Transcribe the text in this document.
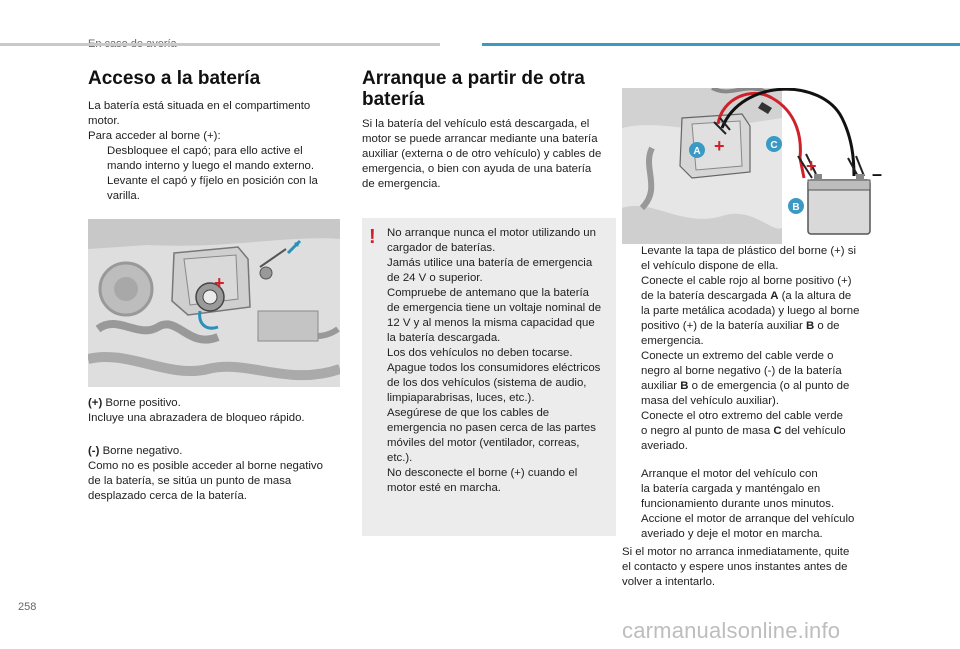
Acceso a la batería
La batería está situada en el compartimento
motor.
Para acceder al borne (+):
Desbloquee el capó; para ello active el
mando interno y luego el mando externo.
Levante el capó y fíjelo en posición con la
varilla.
+
(+) Borne positivo.
Incluye una abrazadera de bloqueo rápido.
(-) Borne negativo.
Como no es posible acceder al borne negativo
de la batería, se sitúa un punto de masa
desplazado cerca de la batería.
Arranque a partir de otra
batería
Si la batería del vehículo está descargada, el
motor se puede arrancar mediante una batería
auxiliar (externa o de otro vehículo) y cables de
emergencia, o bien con ayuda de una batería
de emergencia.
! No arranque nunca el motor utilizando un
cargador de baterías.
Jamás utilice una batería de emergencia
de 24 V o superior.
Compruebe de antemano que la batería
de emergencia tiene un voltaje nominal de
12 V y al menos la misma capacidad que
la batería descargada.
Los dos vehículos no deben tocarse.
Apague todos los consumidores eléctricos
de los dos vehículos (sistema de audio,
limpiaparabrisas, luces, etc.).
Asegúrese de que los cables de
emergencia no pasen cerca de las partes
móviles del motor (ventilador, correas,
etc.).
No desconecte el borne (+) cuando el
motor esté en marcha.
+
+	–
A
C
B
Levante la tapa de plástico del borne (+) si
el vehículo dispone de ella.
Conecte el cable rojo al borne positivo (+)
de la batería descargada A (a la altura de
la parte metálica acodada) y luego al borne
positivo (+) de la batería auxiliar B o de
emergencia.
Conecte un extremo del cable verde o
negro al borne negativo (-) de la batería
auxiliar B o de emergencia (o al punto de
masa del vehículo auxiliar).
Conecte el otro extremo del cable verde
o negro al punto de masa C del vehículo
averiado.
Arranque el motor del vehículo con
la batería cargada y manténgalo en
funcionamiento durante unos minutos.
Accione el motor de arranque del vehículo
averiado y deje el motor en marcha.
Si el motor no arranca inmediatamente, quite
el contacto y espere unos instantes antes de
volver a intentarlo.
258
carmanualsonline.info
